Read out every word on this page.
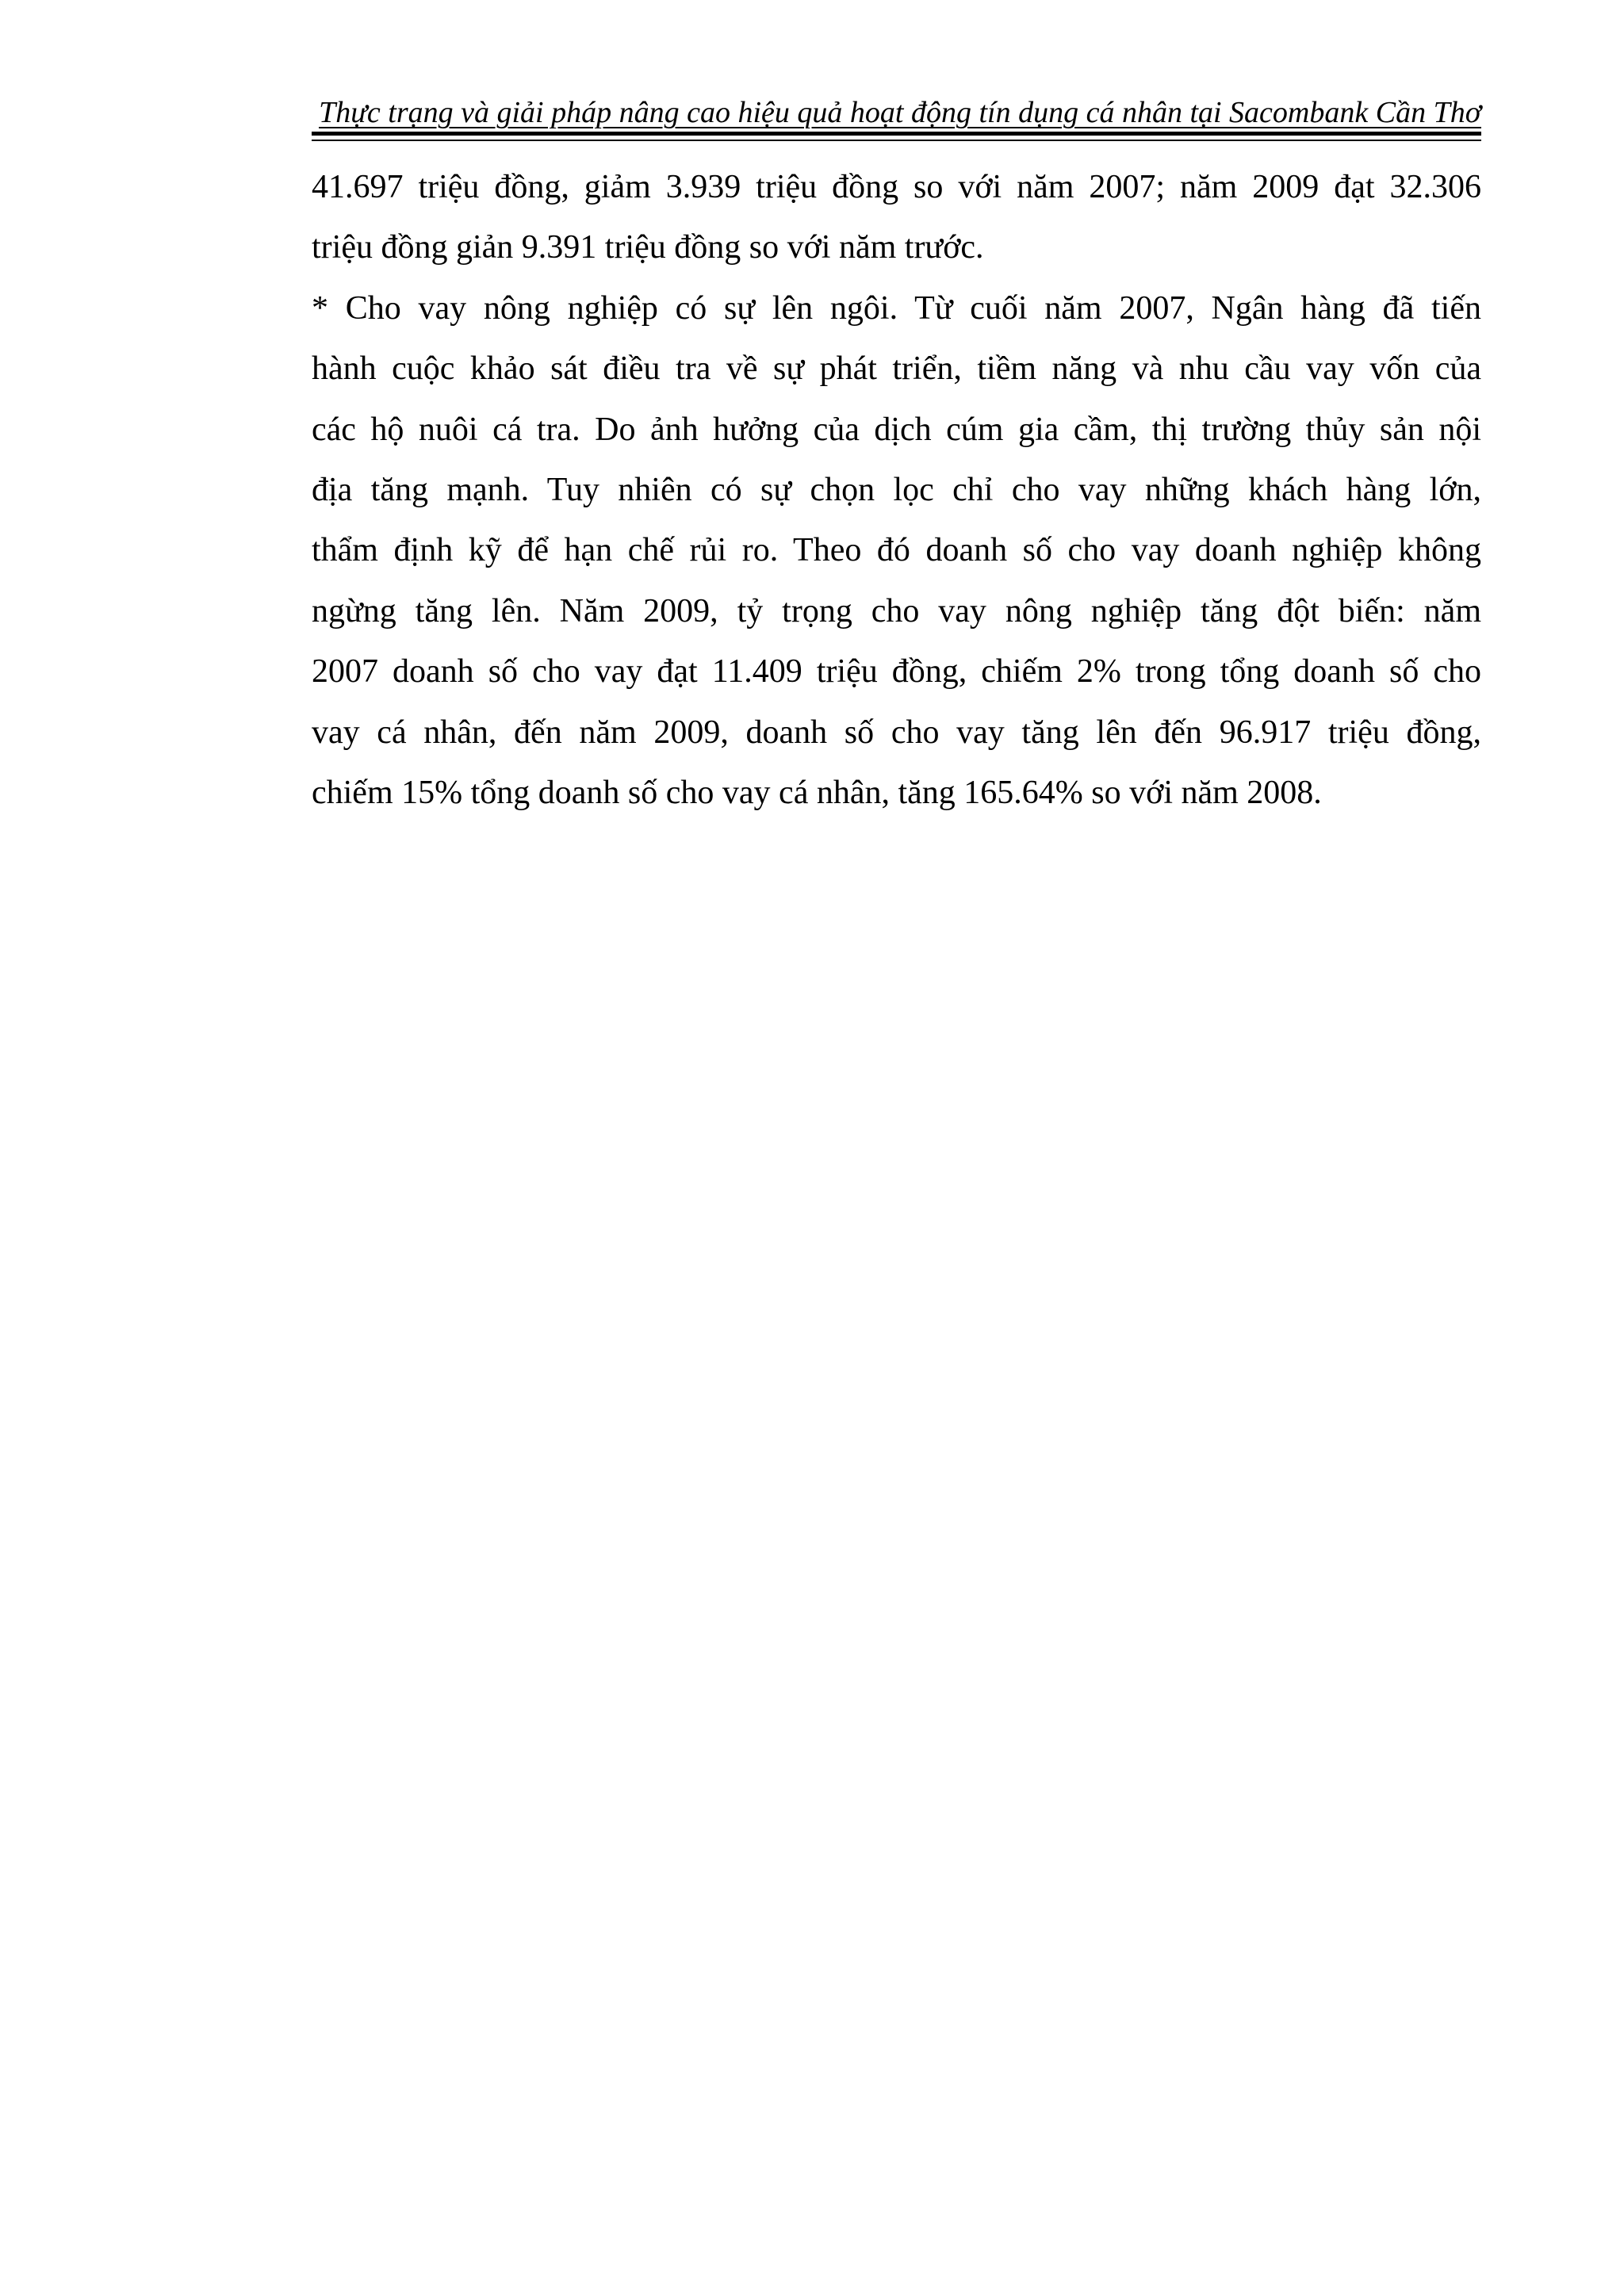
Thực trạng và giải pháp nâng cao hiệu quả hoạt động tín dụng cá nhân tại Sacombank Cần Thơ

41.697 triệu đồng, giảm 3.939 triệu đồng so với năm 2007; năm 2009 đạt 32.306
triệu đồng giản 9.391 triệu đồng so với năm trước.

* Cho vay nông nghiệp có sự lên ngôi. Từ cuối năm 2007, Ngân hàng đã tiến
hành cuộc khảo sát điều tra về sự phát triển, tiềm năng và nhu cầu vay vốn của
các hộ nuôi cá tra. Do ảnh hưởng của dịch cúm gia cầm, thị trường thủy sản nội
địa tăng mạnh. Tuy nhiên có sự chọn lọc chỉ cho vay những khách hàng lớn,
thẩm định kỹ để hạn chế rủi ro. Theo đó doanh số cho vay doanh nghiệp không
ngừng tăng lên. Năm 2009, tỷ trọng cho vay nông nghiệp tăng đột biến: năm
2007 doanh số cho vay đạt 11.409 triệu đồng, chiếm 2% trong tổng doanh số cho
vay cá nhân, đến năm 2009, doanh số cho vay tăng lên đến 96.917 triệu đồng,
chiếm 15% tổng doanh số cho vay cá nhân, tăng 165.64% so với năm 2008.
